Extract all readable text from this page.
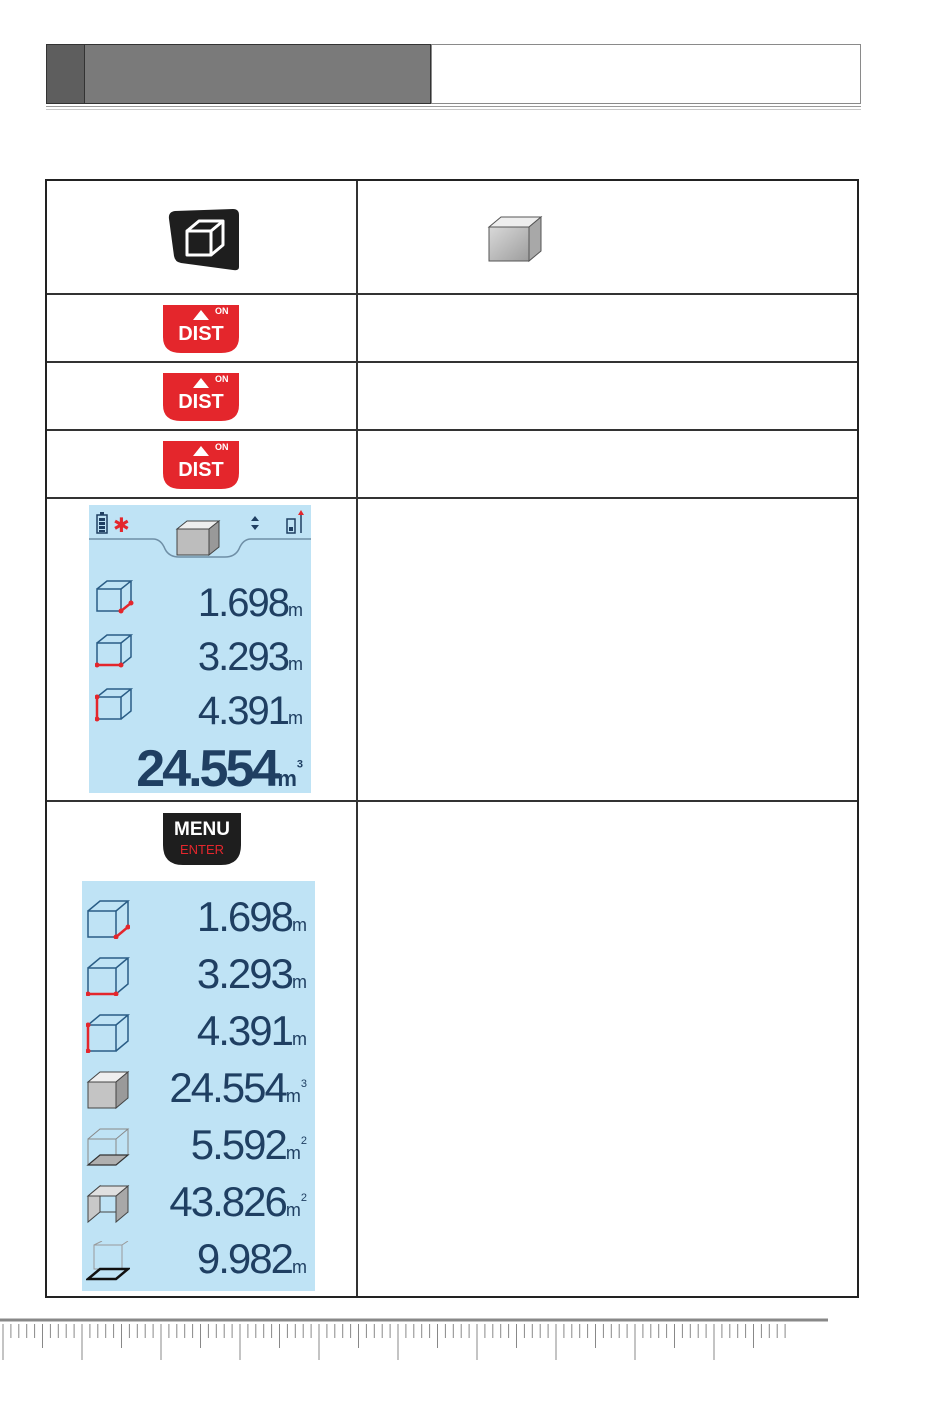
ON
DIST
ON
DIST
ON
DIST
✱
1.698m
3.293m
4.391m
$24.554m^3$
MENU
ENTER
1.698m
3.293m
4.391m
$24.554m^3$
$5.592m^2$
$43.826m^2$
9.982m
